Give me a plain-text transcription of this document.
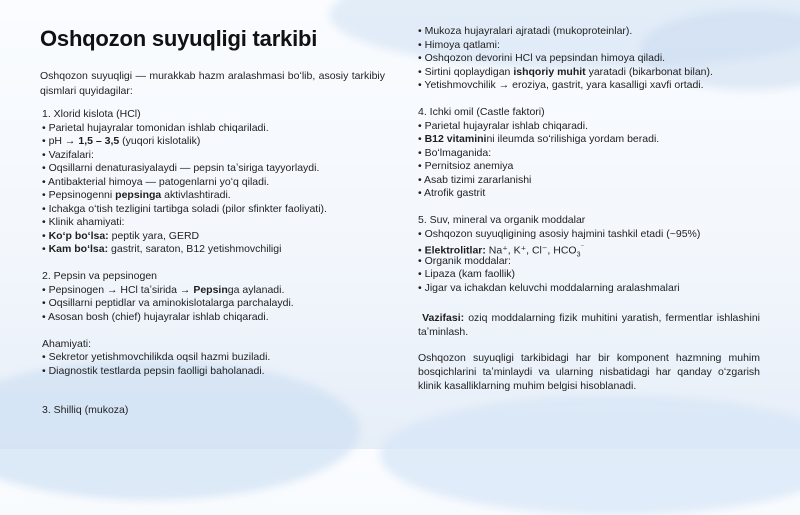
Oshqozon suyuqligi tarkibi

Oshqozon suyuqligi — murakkab hazm aralashmasi boʻlib, asosiy tarkibiy qismlari quyidagilar:

1. Xlorid kislota (HCl)
• Parietal hujayralar tomonidan ishlab chiqariladi.
• pH → 1,5 – 3,5 (yuqori kislotalik)
• Vazifalari:
• Oqsillarni denaturasiyalaydi — pepsin taʼsiriga tayyorlaydi.
• Antibakterial himoya — patogenlarni yoʻq qiladi.
• Pepsinogenni pepsinga aktivlashtiradi.
• Ichakga oʻtish tezligini tartibga soladi (pilor sfinkter faoliyati).
• Klinik ahamiyati:
• Koʻp boʻlsa: peptik yara, GERD
• Kam boʻlsa: gastrit, saraton, B12 yetishmovchiligi
2. Pepsin va pepsinogen
• Pepsinogen → HCl taʼsirida → Pepsinga aylanadi.
• Oqsillarni peptidlar va aminokislotalarga parchalaydi.
• Asosan bosh (chief) hujayralar ishlab chiqaradi.
Ahamiyati:
• Sekretor yetishmovchilikda oqsil hazmi buziladi.
• Diagnostik testlarda pepsin faolligi baholanadi.
3. Shilliq (mukoza)
• Mukoza hujayralari ajratadi (mukoproteinlar).
• Himoya qatlami:
• Oshqozon devorini HCl va pepsindan himoya qiladi.
• Sirtini qoplaydigan ishqoriy muhit yaratadi (bikarbonat bilan).
• Yetishmovchilik → eroziya, gastrit, yara kasalligi xavfi ortadi.
4. Ichki omil (Castle faktori)
• Parietal hujayralar ishlab chiqaradi.
• B12 vitaminini ileumda soʻrilishiga yordam beradi.
• Boʻlmaganida:
• Pernitsioz anemiya
• Asab tizimi zararlanishi
• Atrofik gastrit
5. Suv, mineral va organik moddalar
• Oshqozon suyuqligining asosiy hajmini tashkil etadi (~95%)
• Elektrolitlar: Na⁺, K⁺, Cl⁻, $HCO_3^{^-}$
• Organik moddalar:
• Lipaza (kam faollik)
• Jigar va ichakdan keluvchi moddalarning aralashmalari

Vazifasi: oziq moddalarning fizik muhitini yaratish, fermentlar ishlashini taʼminlash.

Oshqozon suyuqligi tarkibidagi har bir komponent hazmning muhim bosqichlarini taʼminlaydi va ularning nisbatidagi har qanday oʻzgarish klinik kasalliklarning muhim belgisi hisoblanadi.
